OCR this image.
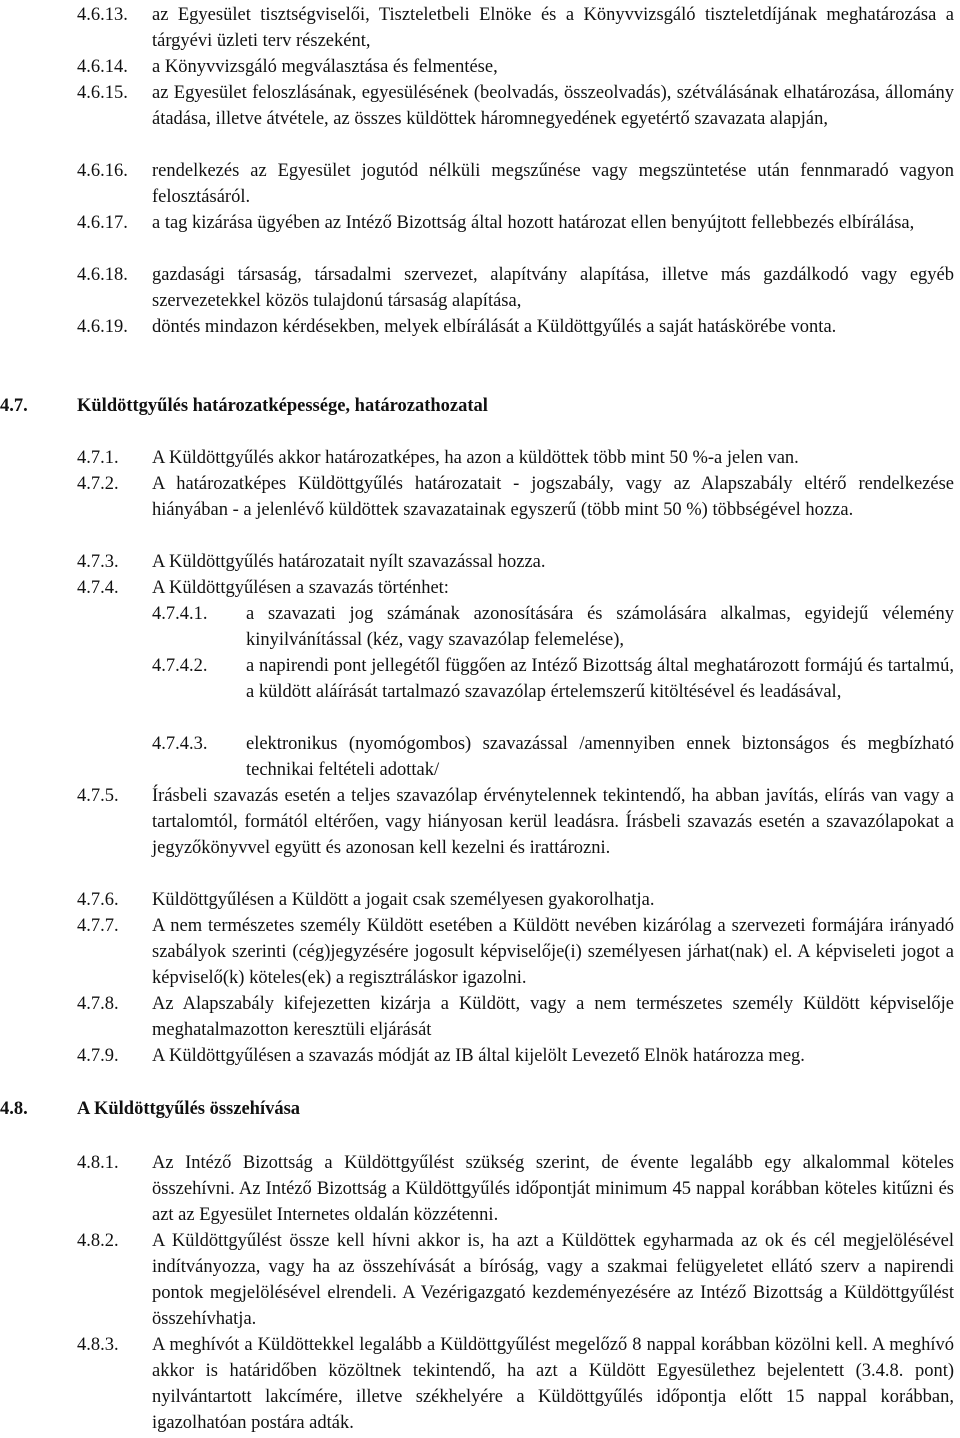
4.6.13. az Egyesület tisztségviselői, Tiszteletbeli Elnöke és a Könyvvizsgáló tiszteletdíjának meghatározása a tárgyévi üzleti terv részeként,
4.6.14. a Könyvvizsgáló megválasztása és felmentése,
4.6.15. az Egyesület feloszlásának, egyesülésének (beolvadás, összeolvadás), szétválásának elhatározása, állomány átadása, illetve átvétele, az összes küldöttek háromnegyedének egyetértő szavazata alapján,
4.6.16. rendelkezés az Egyesület jogutód nélküli megszűnése vagy megszüntetése után fennmaradó vagyon felosztásáról.
4.6.17. a tag kizárása ügyében az Intéző Bizottság által hozott határozat ellen benyújtott fellebbezés elbírálása,
4.6.18. gazdasági társaság, társadalmi szervezet, alapítvány alapítása, illetve más gazdálkodó vagy egyéb szervezetekkel közös tulajdonú társaság alapítása,
4.6.19. döntés mindazon kérdésekben, melyek elbírálását a Küldöttgyűlés a saját hatáskörébe vonta.
4.7.	Küldöttgyűlés határozatképessége, határozathozatal
4.7.1. A Küldöttgyűlés akkor határozatképes, ha azon a küldöttek több mint 50 %-a jelen van.
4.7.2. A határozatképes Küldöttgyűlés határozatait - jogszabály, vagy az Alapszabály eltérő rendelkezése hiányában - a jelenlévő küldöttek szavazatainak egyszerű (több mint 50 %) többségével hozza.
4.7.3. A Küldöttgyűlés határozatait nyílt szavazással hozza.
4.7.4. A Küldöttgyűlésen a szavazás történhet:
4.7.4.1. a szavazati jog számának azonosítására és számolására alkalmas, egyidejű vélemény kinyilvánítással (kéz, vagy szavazólap felemelése),
4.7.4.2. a napirendi pont jellegétől függően az Intéző Bizottság által meghatározott formájú és tartalmú, a küldött aláírását tartalmazó szavazólap értelemszerű kitöltésével és leadásával,
4.7.4.3. elektronikus (nyomógombos) szavazással /amennyiben ennek biztonságos és megbízható technikai feltételi adottak/
4.7.5. Írásbeli szavazás esetén a teljes szavazólap érvénytelennek tekintendő, ha abban javítás, elírás van vagy a tartalomtól, formától eltérően, vagy hiányosan kerül leadásra. Írásbeli szavazás esetén a szavazólapokat a jegyzőkönyvvel együtt és azonosan kell kezelni és irattározni.
4.7.6. Küldöttgyűlésen a Küldött a jogait csak személyesen gyakorolhatja.
4.7.7. A nem természetes személy Küldött esetében a Küldött nevében kizárólag a szervezeti formájára irányadó szabályok szerinti (cég)jegyzésére jogosult képviselője(i) személyesen járhat(nak) el. A képviseleti jogot a képviselő(k) köteles(ek) a regisztráláskor igazolni.
4.7.8. Az Alapszabály kifejezetten kizárja a Küldött, vagy a nem természetes személy Küldött képviselője meghatalmazotton keresztüli eljárását
4.7.9. A Küldöttgyűlésen a szavazás módját az IB által kijelölt Levezető Elnök határozza meg.
4.8.	A Küldöttgyűlés összehívása
4.8.1. Az Intéző Bizottság a Küldöttgyűlést szükség szerint, de évente legalább egy alkalommal köteles összehívni. Az Intéző Bizottság a Küldöttgyűlés időpontját minimum 45 nappal korábban köteles kitűzni és azt az Egyesület Internetes oldalán közzétenni.
4.8.2. A Küldöttgyűlést össze kell hívni akkor is, ha azt a Küldöttek egyharmada az ok és cél megjelölésével indítványozza, vagy ha az összehívását a bíróság, vagy a szakmai felügyeletet ellátó szerv a napirendi pontok megjelölésével elrendeli. A Vezérigazgató kezdeményezésére az Intéző Bizottság a Küldöttgyűlést összehívhatja.
4.8.3. A meghívót a Küldöttekkel legalább a Küldöttgyűlést megelőző 8 nappal korábban közölni kell. A meghívó akkor is határidőben közöltnek tekintendő, ha azt a Küldött Egyesülethez bejelentett (3.4.8. pont) nyilvántartott lakcímére, illetve székhelyére a Küldöttgyűlés időpontja előtt 15 nappal korábban, igazolhatóan postára adták.
